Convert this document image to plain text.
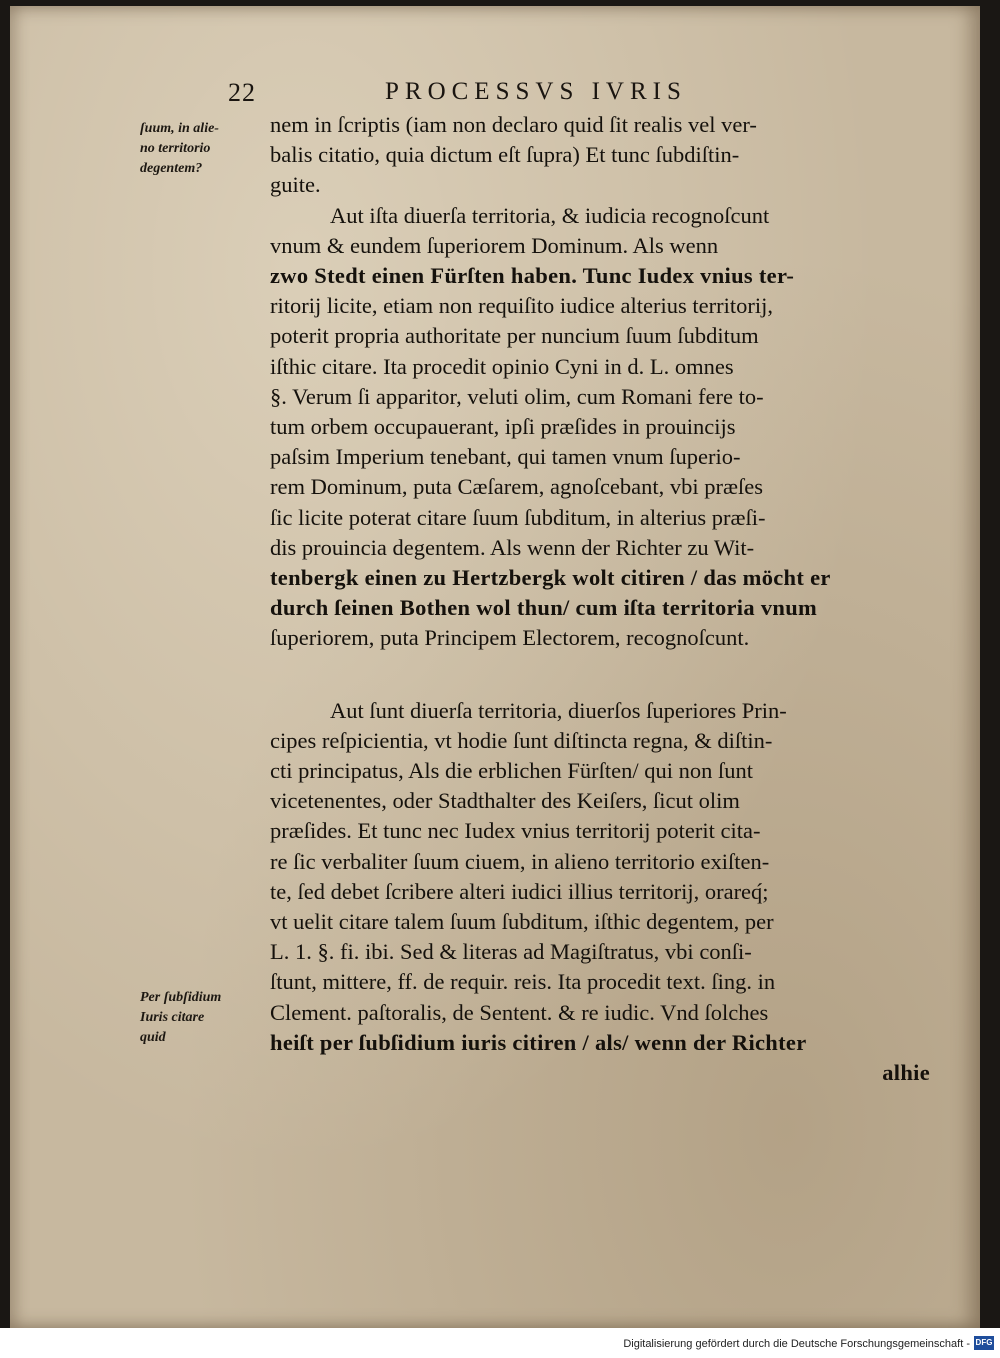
22	PROCESSVS IVRIS
ſuum, in alie-
no territorio
degentem?
Per ſubſidium
Iuris citare
quid
nem in ſcriptis (iam non declaro quid ſit realis vel ver-
balis citatio, quia dictum eſt ſupra) Et tunc ſubdiſtin-
guite.
Aut iſta diuerſa territoria, & iudicia recognoſcunt
vnum & eundem ſuperiorem Dominum. Als wenn
zwo Stedt einen Fürſten haben. Tunc Iudex vnius ter-
ritorij licite, etiam non requiſito iudice alterius territorij,
poterit propria authoritate per nuncium ſuum ſubditum
iſthic citare. Ita procedit opinio Cyni in d. L. omnes
§. Verum ſi apparitor, veluti olim, cum Romani fere to-
tum orbem occupauerant, ipſi præſides in prouincijs
paſsim Imperium tenebant, qui tamen vnum ſuperio-
rem Dominum, puta Cæſarem, agnoſcebant, vbi præſes
ſic licite poterat citare ſuum ſubditum, in alterius præſi-
dis prouincia degentem. Als wenn der Richter zu Wit-
tenbergk einen zu Hertzbergk wolt citiren / das möcht er
durch ſeinen Bothen wol thun/ cum iſta territoria vnum
ſuperiorem, puta Principem Electorem, recognoſcunt.
Aut ſunt diuerſa territoria, diuerſos ſuperiores Prin-
cipes reſpicientia, vt hodie ſunt diſtincta regna, & diſtin-
cti principatus, Als die erblichen Fürſten/ qui non ſunt
vicetenentes, oder Stadthalter des Keiſers, ſicut olim
præſides. Et tunc nec Iudex vnius territorij poterit cita-
re ſic verbaliter ſuum ciuem, in alieno territorio exiſten-
te, ſed debet ſcribere alteri iudici illius territorij, orareq́;
vt uelit citare talem ſuum ſubditum, iſthic degentem, per
L. 1. §. fi. ibi. Sed & literas ad Magiſtratus, vbi conſi-
ſtunt, mittere, ff. de requir. reis. Ita procedit text. ſing. in
Clement. paſtoralis, de Sentent. & re iudic. Vnd ſolches
heiſt per ſubſidium iuris citiren / als/ wenn der Richter
alhie
Digitalisierung gefördert durch die Deutsche Forschungsgemeinschaft - DFG
